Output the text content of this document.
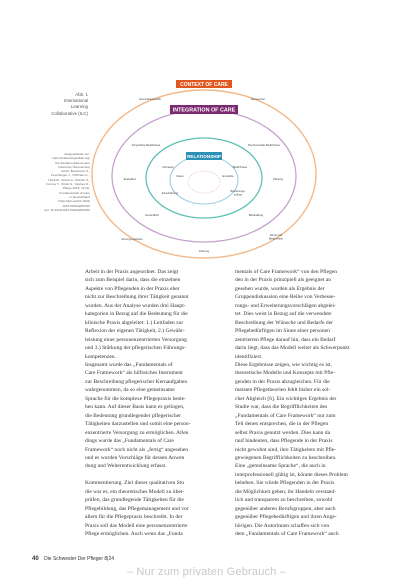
Abb. 1
International
Learning
Collaborative (ILC)
Ausgearbeitet von:
https://intlearningcollab.org/
the-fundamentals-of-care
Deutsche Übersetzung
durch: Beckmann S.,
Feuchtinger J., Hoffmann L.,
Huck M., Kitson A., Muntlin Å.,
Conroy T., Christ S., Storkes D.,
Pflege 2019; 32 (6):
Fundamentals of Care
in Deutschland
https://doi.org/10.1024/
1012-5302/a000702
doi: 10.1024/1012-5302/a000702
CONTEXT OF CARE
INTEGRATION OF CARE
RELATIONSHIP
Gesundheitspolitik	Ressourcen
Körperliche Bedürfnisse	Psychosoziale Bedürfnisse
Vertrauen	Bedürfnisse
Fokus	Empathie
Evaluation	Planung
Einschätzung
Beziehungs-
aufbau
Gesundheit	Behandlung
Versorgungskultur
Führung
Werte und
Bedürfnisse
Arbeit in der Praxis angeordnet. Das zeigt
sich zum Beispiel darin, dass die einzelnen
Aspekte von Pflegenden in der Praxis eher
nicht zur Beschreibung ihrer Tätigkeit genannt
wurden. Aus der Analyse wurden drei Haupt-
kategorien in Bezug auf die Bedeutung für die
klinische Praxis abgeleitet: 1.) Leitfaden zur
Reflexion der eigenen Tätigkeit, 2.) Gewähr-
leistung einer personenzentrierten Versorgung
und 3.) Stärkung der pflegerischen Führungs-
kompetenzen.
Insgesamt wurde das „Fundamentals of
Care Framework“ als hilfreiches Instrument
zur Beschreibung pflegerischer Kernaufgaben
wahrgenommen, da so eine gemeinsame
Sprache für die komplexe Pflegepraxis beste-
hen kann. Auf dieser Basis kann es gelingen,
die Bedeutung grundlegender pflegerischer
Tätigkeiten darzustellen und somit eine person-
enzentrierte Versorgung zu ermöglichen. Allen
dings wurde das „Fundamentals of Care
Framework“ noch nicht als „fertig“ angesehen
und es wurden Vorschläge für dessen Anwen
dung und Weiterentwicklung erfasst.

Kommentierung. Ziel dieser qualitativen Stu
die war es, ein theoretisches Modell zu über-
prüfen, das grundlegende Tätigkeiten für die
Pflegebildung, das Pflegemanagement und vor
allem für die Pflegepraxis beschreibt. In der
Praxis soll das Modell eine personenzentrierte
Pflege ermöglichen. Auch wenn das „Funda
mentals of Care Framework“ von den Pflegen
den in der Praxis prinzipiell als geeignet an
gesehen wurde, wurden als Ergebnis der
Gruppendiskussion eine Reihe von Verbesse-
rungs- und Erweiterungsvorschlägen abgelei-
tet. Dies weist in Bezug auf die verwendete
Beschreibung der Wünsche und Bedarfe der
Pflegebedürftigen im Sinne einer personen
zentrierten Pflege darauf hin, dass ein Bedarf
darin liegt, dass das Modell weiter als Schwerpunkt
identifiziert.
Diese Ergebnisse zeigen, wie wichtig es ist,
theoretische Modelle und Konzepte mit Pfle-
genden in der Praxis abzugleichen. Für die
meisten Pflegetheorien fehlt bisher ein sol-
cher Abgleich [6]. Ein wichtiges Ergebnis der
Studie war, dass die Begrifflichkeiten des
„Fundamentals of Care Framework“ nur zum
Teil denen entsprechen, die in der Pflegen
selbst Praxis genutzt werden. Dies kann da
rauf hindeuten, dass Pflegende in der Praxis
nicht gewohnt sind, ihre Tätigkeiten mit Pfle-
gewiegenen Begrifflichkeiten zu beschreiben.
Eine „gemeinsame Sprache“, die auch in
interprofessionell gültig ist, könnte dieses Problem
beheben. Sie würde Pflegenden in der Praxis
die Möglichkeit geben, ihr Handeln verstand-
lich und transparent zu beschreiben, sowohl
gegenüber anderen Berufsgruppen, aber auch
gegenüber Pflegebedürftigen und ihren Ange-
hörigen. Die Autorinnen schaffen sich von
dem „Fundamentals of Care Framework“ auch
40 Die Schwester Der Pfleger 8|24
– Nur zum privaten Gebrauch –
